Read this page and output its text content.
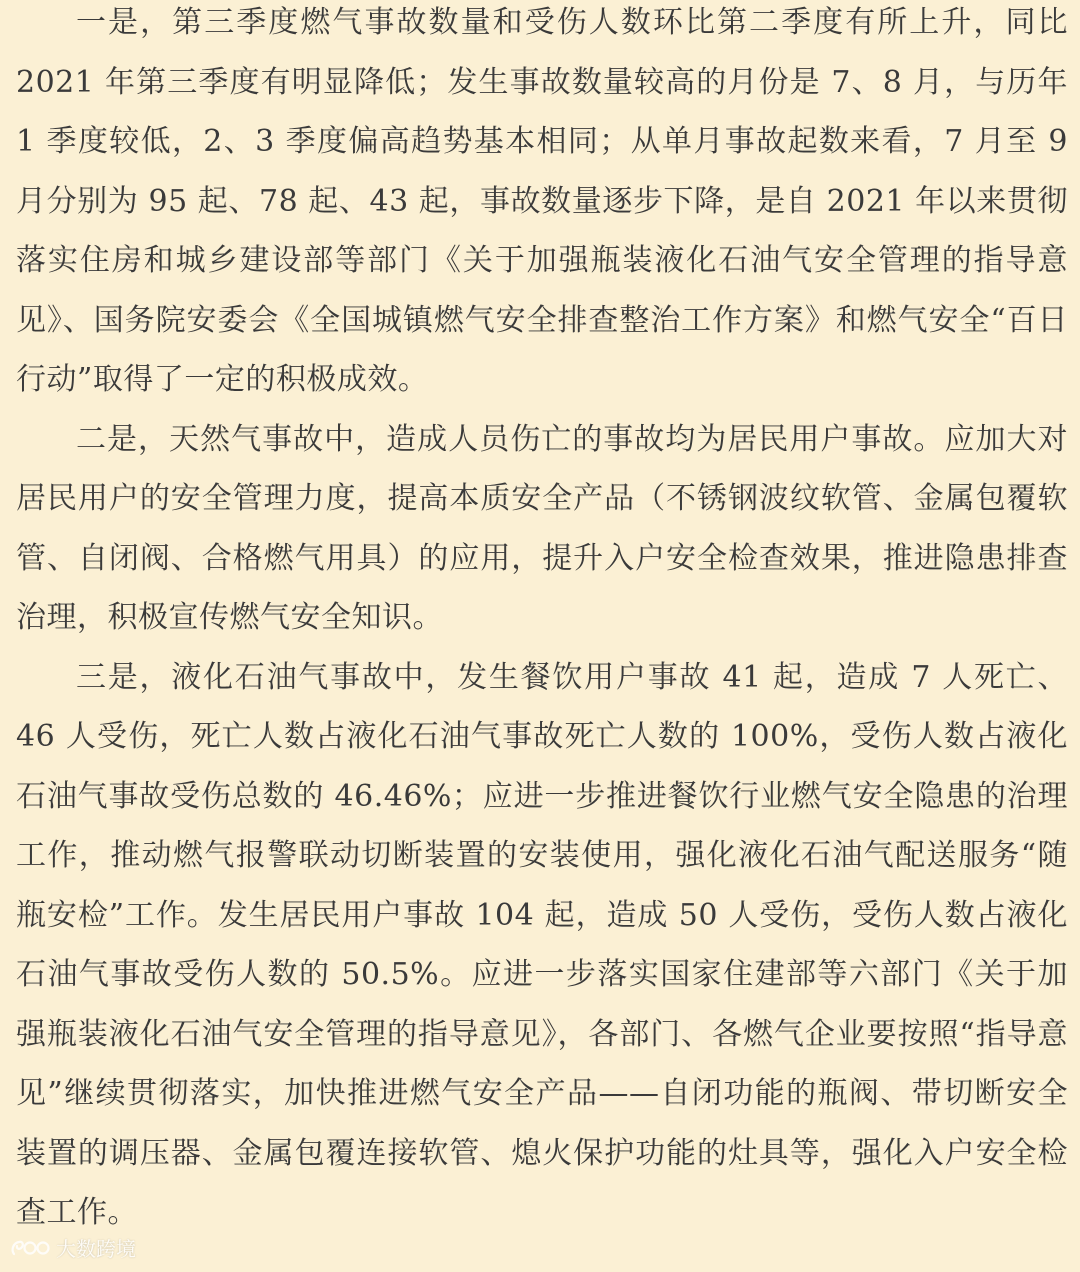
一是，第三季度燃气事故数量和受伤人数环比第二季度有所上升，同比 2021 年第三季度有明显降低；发生事故数量较高的月份是 7、8 月，与历年 1 季度较低，2、3 季度偏高趋势基本相同；从单月事故起数来看，7 月至 9 月分别为 95 起、78 起、43 起，事故数量逐步下降，是自 2021 年以来贯彻落实住房和城乡建设部等部门《关于加强瓶装液化石油气安全管理的指导意见》、国务院安委会《全国城镇燃气安全排查整治工作方案》和燃气安全“百日行动”取得了一定的积极成效。

二是，天然气事故中，造成人员伤亡的事故均为居民用户事故。应加大对居民用户的安全管理力度，提高本质安全产品（不锈钢波纹软管、金属包覆软管、自闭阀、合格燃气用具）的应用，提升入户安全检查效果，推进隐患排查治理，积极宣传燃气安全知识。

三是，液化石油气事故中，发生餐饮用户事故 41 起，造成 7 人死亡、46 人受伤，死亡人数占液化石油气事故死亡人数的 100%，受伤人数占液化石油气事故受伤总数的 46.46%；应进一步推进餐饮行业燃气安全隐患的治理工作，推动燃气报警联动切断装置的安装使用，强化液化石油气配送服务“随瓶安检”工作。发生居民用户事故 104 起，造成 50 人受伤，受伤人数占液化石油气事故受伤人数的 50.5%。应进一步落实国家住建部等六部门《关于加强瓶装液化石油气安全管理的指导意见》，各部门、各燃气企业要按照“指导意见”继续贯彻落实，加快推进燃气安全产品——自闭功能的瓶阀、带切断安全装置的调压器、金属包覆连接软管、熄火保护功能的灶具等，强化入户安全检查工作。

大数跨境
